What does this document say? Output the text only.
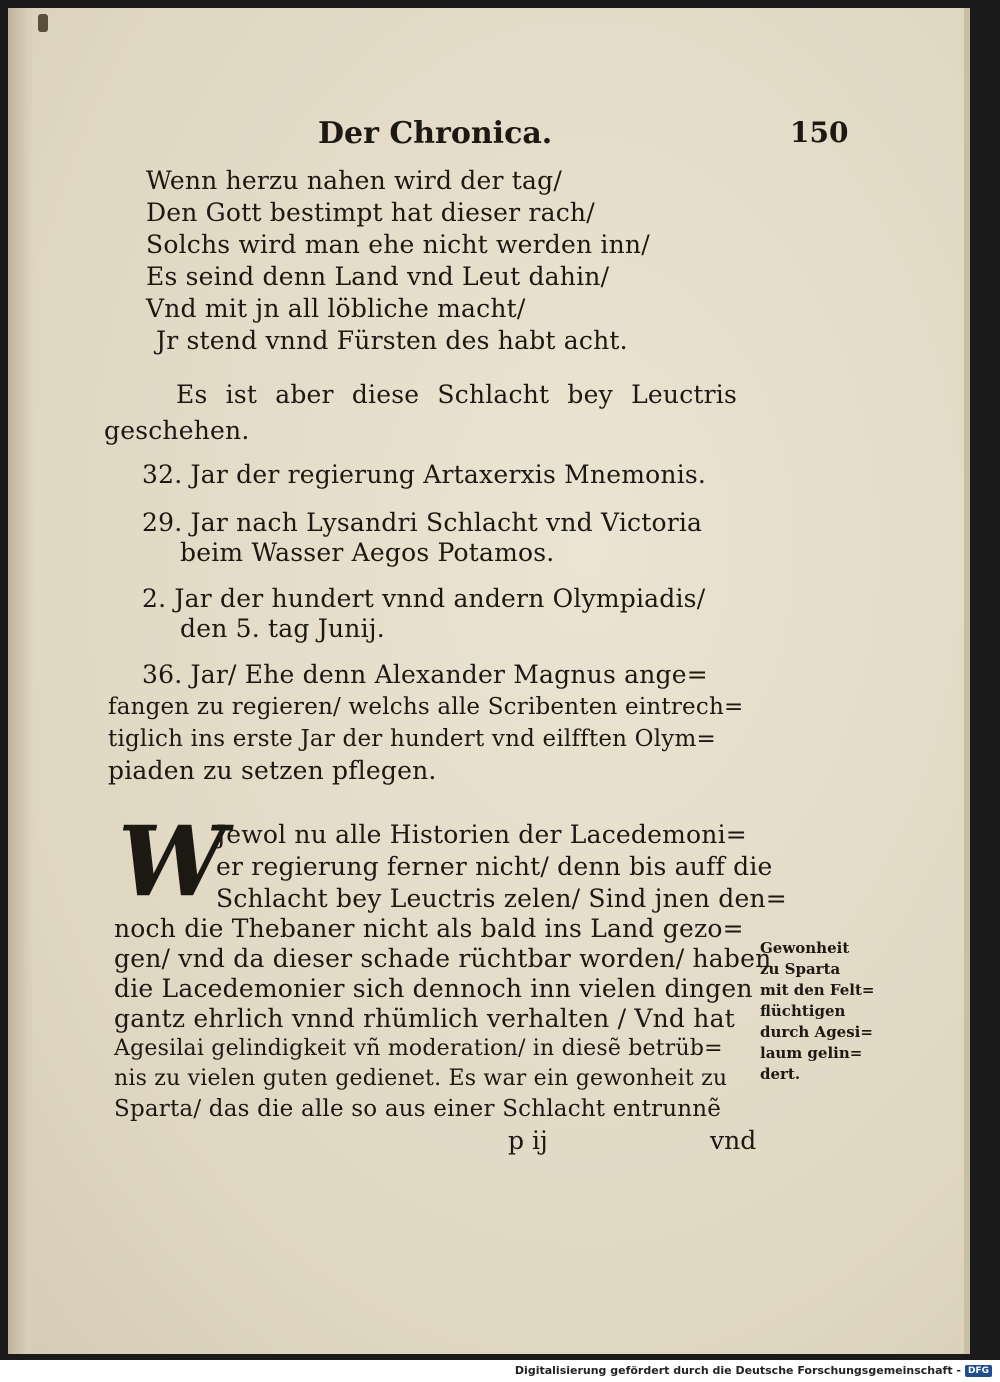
Der Chronica.	150
Wenn herzu nahen wird der tag/
Den Gott bestimpt hat dieser rach/
Solchs wird man ehe nicht werden inn/
Es seind denn Land vnd Leut dahin/
Vnd mit jn all löbliche macht/
Jr stend vnnd Fürsten des habt acht.
Es ist aber diese Schlacht bey Leuctris
geschehen.
32. Jar der regierung Artaxerxis Mnemonis.
29. Jar nach Lysandri Schlacht vnd Victoria
beim Wasser Aegos Potamos.
2. Jar der hundert vnnd andern Olympiadis/
den 5. tag Junij.
36. Jar/ Ehe denn Alexander Magnus ange=
fangen zu regieren/ welchs alle Scribenten eintrech=
tiglich ins erste Jar der hundert vnd eilfften Olym=
piaden zu setzen pflegen.
W
Jewol nu alle Historien der Lacedemoni=
er regierung ferner nicht/ denn bis auff die
Schlacht bey Leuctris zelen/ Sind jnen den=
noch die Thebaner nicht als bald ins Land gezo=
gen/ vnd da dieser schade rüchtbar worden/ haben
die Lacedemonier sich dennoch inn vielen dingen
gantz ehrlich vnnd rhümlich verhalten / Vnd hat
Agesilai gelindigkeit vñ moderation/ in diesẽ betrüb=
nis zu vielen guten gedienet. Es war ein gewonheit zu
Sparta/ das die alle so aus einer Schlacht entrunnẽ
Gewonheit
zu Sparta
mit den Felt=
flüchtigen
durch Agesi=
laum gelin=
dert.
p ij	vnd
Digitalisierung gefördert durch die Deutsche Forschungsgemeinschaft - DFG
